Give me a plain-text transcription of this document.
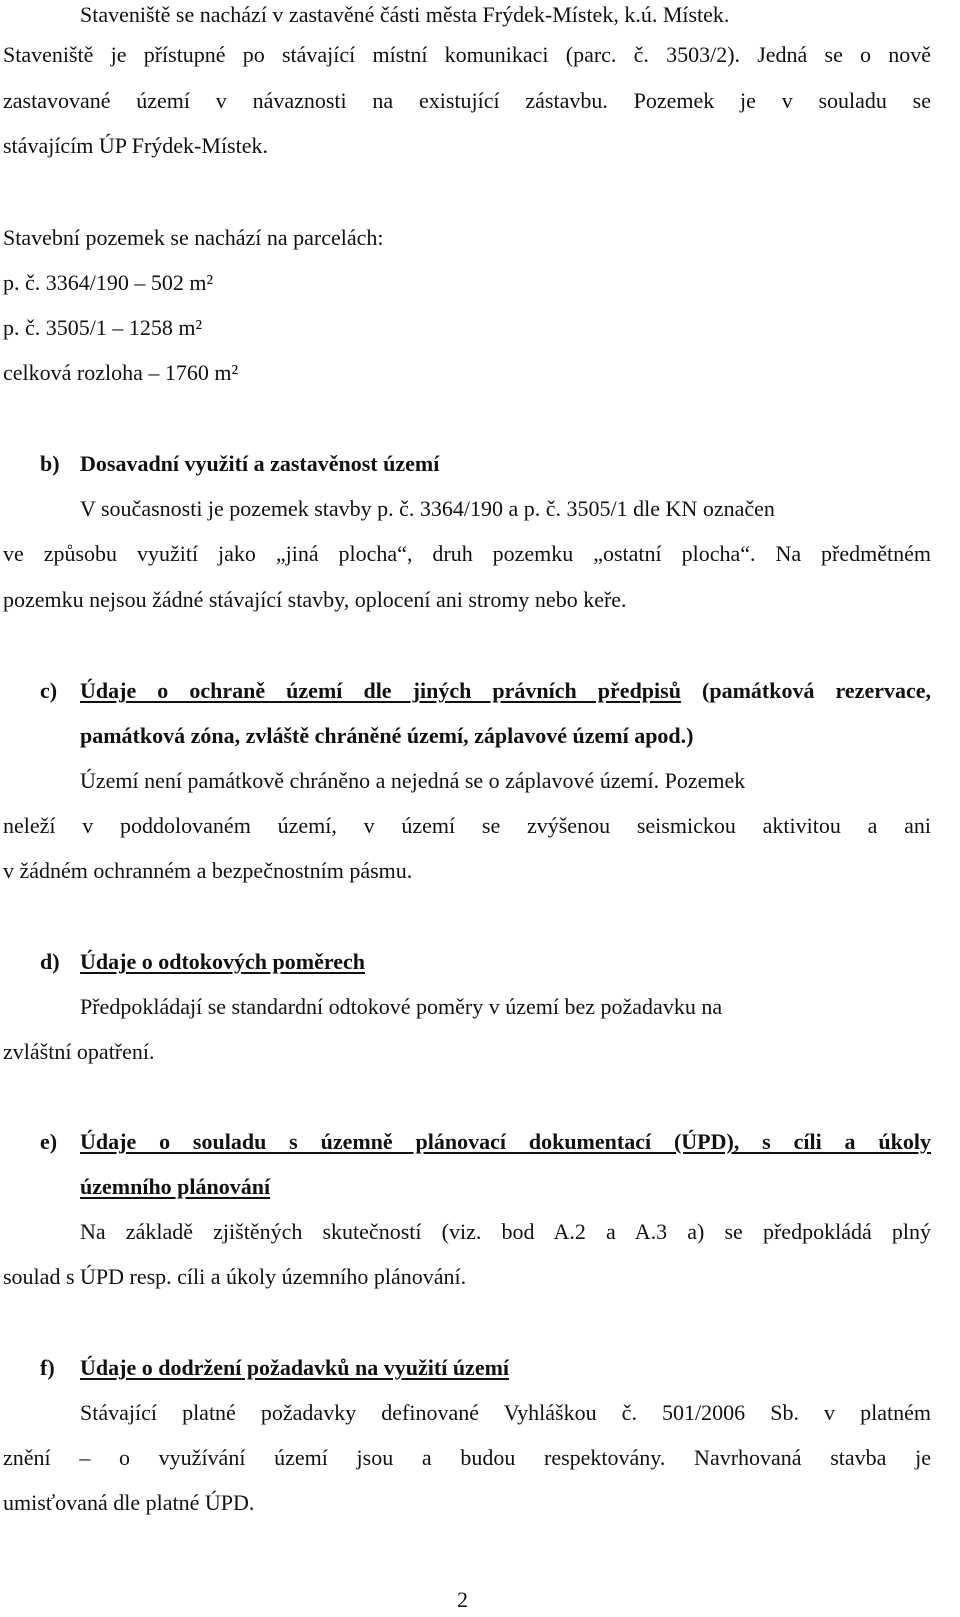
Staveniště se nachází v zastavěné části města Frýdek-Místek, k.ú. Místek.
Staveniště je přístupné po stávající místní komunikaci (parc. č. 3503/2). Jedná se o nově
zastavované území v návaznosti na existující zástavbu. Pozemek je v souladu se
stávajícím ÚP Frýdek-Místek.
Stavební pozemek se nachází na parcelách:
p. č. 3364/190 – 502 m²
p. č. 3505/1 – 1258 m²
celková rozloha – 1760 m²
b) Dosavadní využití a zastavěnost území
V současnosti je pozemek stavby p. č. 3364/190 a p. č. 3505/1 dle KN označen
ve způsobu využití jako „jiná plocha“, druh pozemku „ostatní plocha“. Na předmětném
pozemku nejsou žádné stávající stavby, oplocení ani stromy nebo keře.
c) Údaje o ochraně území dle jiných právních předpisů (památková rezervace,
památková zóna, zvláště chráněné území, záplavové území apod.)
Území není památkově chráněno a nejedná se o záplavové území. Pozemek
neleží v poddolovaném území, v území se zvýšenou seismickou aktivitou a ani
v žádném ochranném a bezpečnostním pásmu.
d) Údaje o odtokových poměrech
Předpokládají se standardní odtokové poměry v území bez požadavku na
zvláštní opatření.
e) Údaje o souladu s územně plánovací dokumentací (ÚPD), s cíli a úkoly
územního plánování
Na základě zjištěných skutečností (viz. bod A.2 a A.3 a) se předpokládá plný
soulad s ÚPD resp. cíli a úkoly územního plánování.
f) Údaje o dodržení požadavků na využití území
Stávající platné požadavky definované Vyhláškou č. 501/2006 Sb. v platném
znění – o využívání území jsou a budou respektovány. Navrhovaná stavba je
umisťovaná dle platné ÚPD.
2
